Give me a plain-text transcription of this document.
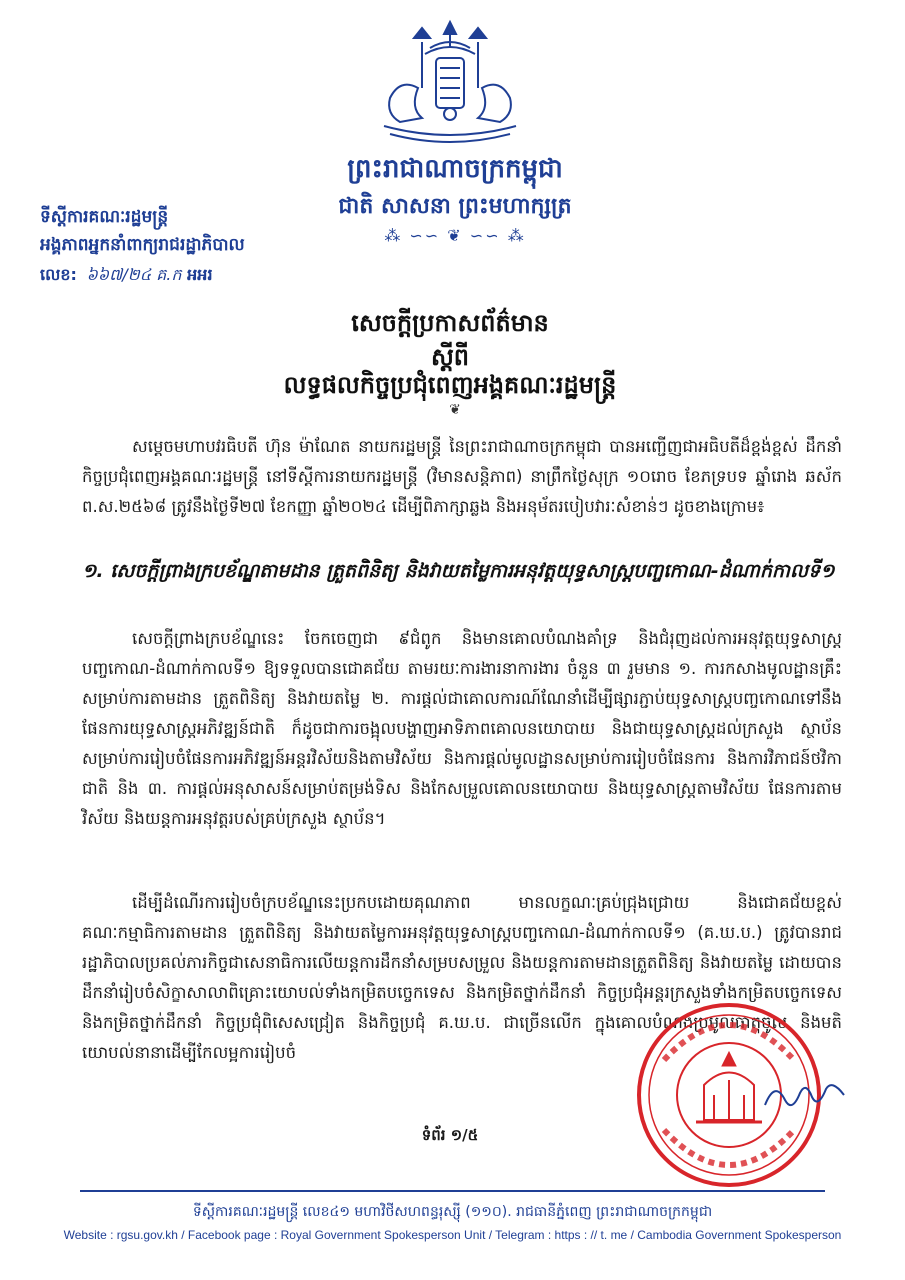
ព្រះរាជាណាចក្រកម្ពុជា
ជាតិ សាសនា ព្រះមហាក្សត្រ
⁂ ∽∽ ❦ ∽∽ ⁂
ទីស្ដីការគណៈរដ្ឋមន្ដ្រី
អង្គភាពអ្នកនាំពាក្យរាជរដ្ឋាភិបាល
លេខ: ៦៦៧/២៤ គ.ក អអរ
សេចក្ដីប្រកាសព័ត៌មាន
ស្ដីពី
លទ្ធផលកិច្ចប្រជុំពេញអង្គគណៈរដ្ឋមន្ត្រី
❦
សម្ដេចមហាបវរធិបតី ហ៊ុន ម៉ាណែត នាយករដ្ឋមន្ត្រី នៃព្រះរាជាណាចក្រកម្ពុជា បានអញ្ជើញជាអធិបតីដ៏ខ្ពង់ខ្ពស់ ដឹកនាំកិច្ចប្រជុំពេញអង្គគណៈរដ្ឋមន្ត្រី នៅទីស្ដីការនាយករដ្ឋមន្ត្រី (វិមានសន្តិភាព) នាព្រឹកថ្ងៃសុក្រ ១០រោច ខែភទ្របទ ឆ្នាំរោង ឆស័ក ព.ស.២៥៦៨ ត្រូវនឹងថ្ងៃទី២៧ ខែកញ្ញា ឆ្នាំ២០២៤ ដើម្បីពិភាក្សាឆ្លង និងអនុម័តរបៀបវារៈសំខាន់ៗ ដូចខាងក្រោម៖
១. សេចក្ដីព្រាងក្របខ័ណ្ឌតាមដាន ត្រួតពិនិត្យ និងវាយតម្លៃការអនុវត្តយុទ្ធសាស្ត្របញ្ចកោណ-ដំណាក់កាលទី១
សេចក្ដីព្រាងក្របខ័ណ្ឌនេះ ចែកចេញជា ៩ជំពូក និងមានគោលបំណងគាំទ្រ និងជំរុញដល់ការអនុវត្តយុទ្ធសាស្ត្របញ្ចកោណ-ដំណាក់កាលទី១ ឱ្យទទួលបានជោគជ័យ តាមរយៈការងារនាការងារ ចំនួន ៣ រួមមាន ១. ការកសាងមូលដ្ឋានគ្រឹះសម្រាប់ការតាមដាន ត្រួតពិនិត្យ និងវាយតម្លៃ ២. ការផ្ដល់ជាគោលការណ៍ណែនាំដើម្បីផ្សារភ្ជាប់យុទ្ធសាស្ត្របញ្ចកោណទៅនឹងផែនការយុទ្ធសាស្ត្រអភិវឌ្ឍន៍ជាតិ ក៏ដូចជាការចង្អុលបង្ហាញអាទិភាពគោលនយោបាយ និងជាយុទ្ធសាស្ត្រដល់ក្រសួង ស្ថាប័ន សម្រាប់ការរៀបចំផែនការអភិវឌ្ឍន៍អន្តរវិស័យនិងតាមវិស័យ និងការផ្ដល់មូលដ្ឋានសម្រាប់ការរៀបចំផែនការ និងការវិភាជន៍ថវិកាជាតិ និង ៣. ការផ្ដល់អនុសាសន៍សម្រាប់តម្រង់ទិស និងកែសម្រួលគោលនយោបាយ និងយុទ្ធសាស្ត្រតាមវិស័យ ផែនការតាមវិស័យ និងយន្តការអនុវត្តរបស់គ្រប់ក្រសួង ស្ថាប័ន។
ដើម្បីដំណើរការរៀបចំក្របខ័ណ្ឌនេះប្រកបដោយគុណភាព មានលក្ខណៈគ្រប់ជ្រុងជ្រោយ និងជោគជ័យខ្ពស់ គណៈកម្មាធិការតាមដាន ត្រួតពិនិត្យ និងវាយតម្លៃការអនុវត្តយុទ្ធសាស្ត្របញ្ចកោណ-ដំណាក់កាលទី១ (គ.ឃ.ប.) ត្រូវបានរាជរដ្ឋាភិបាលប្រគល់ភារកិច្ចជាសេនាធិការលើយន្តការដឹកនាំសម្របសម្រួល និងយន្តការតាមដានត្រួតពិនិត្យ និងវាយតម្លៃ ដោយបានដឹកនាំរៀបចំសិក្ខាសាលាពិគ្រោះយោបល់ទាំងកម្រិតបច្ចេកទេស និងកម្រិតថ្នាក់ដឹកនាំ កិច្ចប្រជុំអន្តរក្រសួងទាំងកម្រិតបច្ចេកទេស និងកម្រិតថ្នាក់ដឹកនាំ កិច្ចប្រជុំពិសេសជ្រៀត និងកិច្ចប្រជុំ គ.ឃ.ប. ជាច្រើនលើក ក្នុងគោលបំណងប្រមូលធាតុចូល និងមតិយោបល់នានាដើម្បីកែលម្អការរៀបចំ
ទំព័រ ១/៥
ទីស្ដីការគណៈរដ្ឋមន្ត្រី លេខ៤១ មហាវិថីសហពន្ធរុស្ស៊ី (១១០). រាជធានីភ្នំពេញ ព្រះរាជាណាចក្រកម្ពុជា
Website : rgsu.gov.kh / Facebook page : Royal Government Spokesperson Unit / Telegram : https : // t. me / Cambodia Government Spokesperson
